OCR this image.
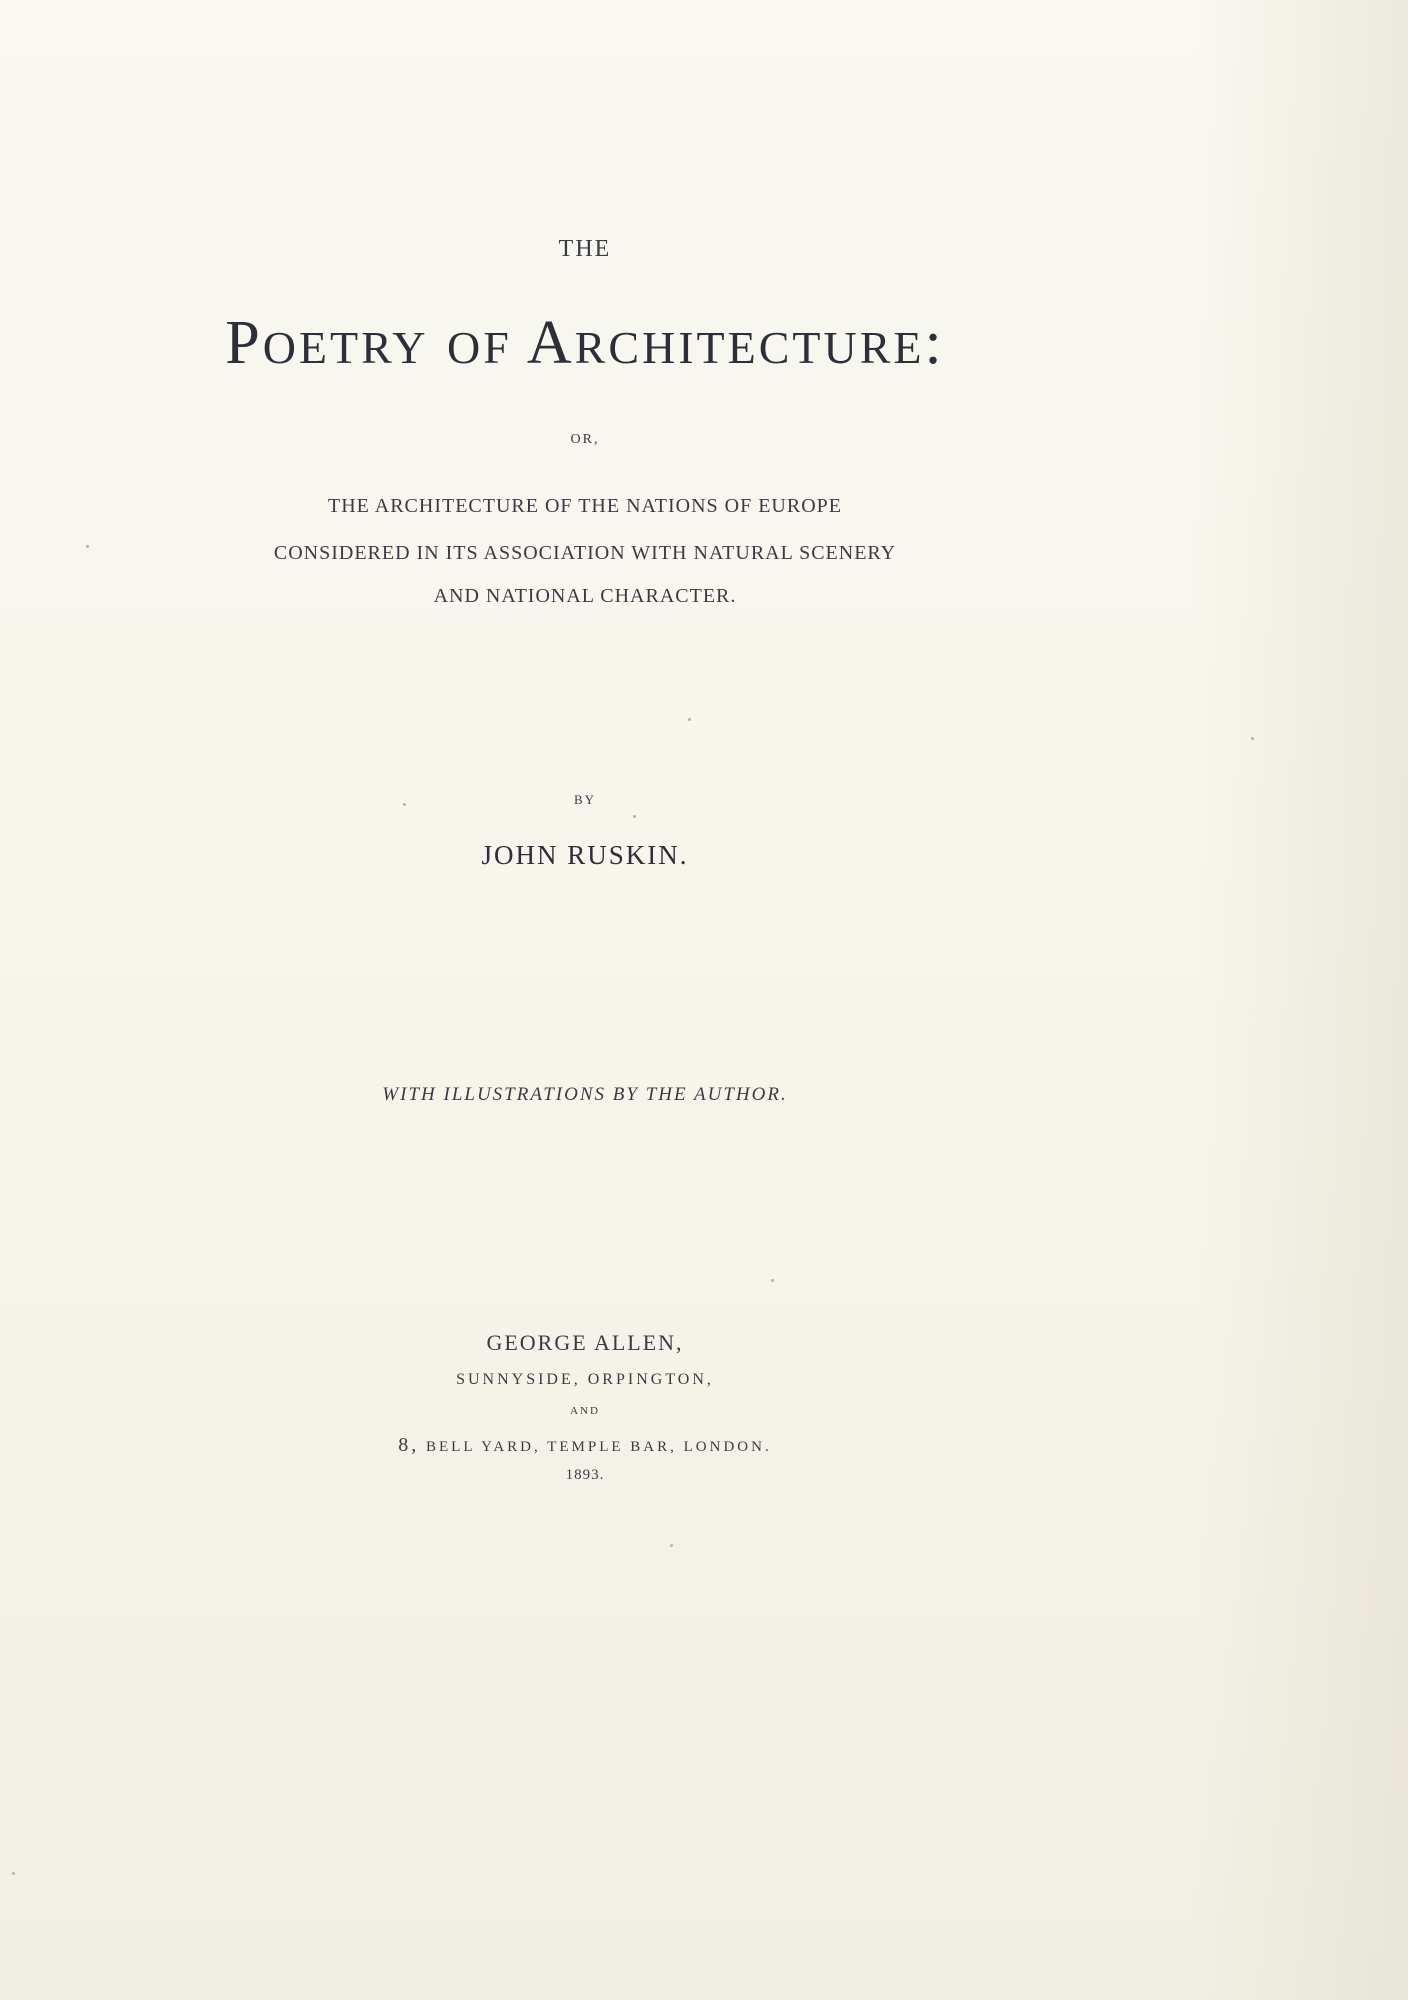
THE
POETRY OF ARCHITECTURE:
OR,
THE ARCHITECTURE OF THE NATIONS OF EUROPE
CONSIDERED IN ITS ASSOCIATION WITH NATURAL SCENERY
AND NATIONAL CHARACTER.
BY
JOHN RUSKIN.
WITH ILLUSTRATIONS BY THE AUTHOR.
GEORGE ALLEN,
SUNNYSIDE, ORPINGTON,
AND
8, BELL YARD, TEMPLE BAR, LONDON.
1893.
